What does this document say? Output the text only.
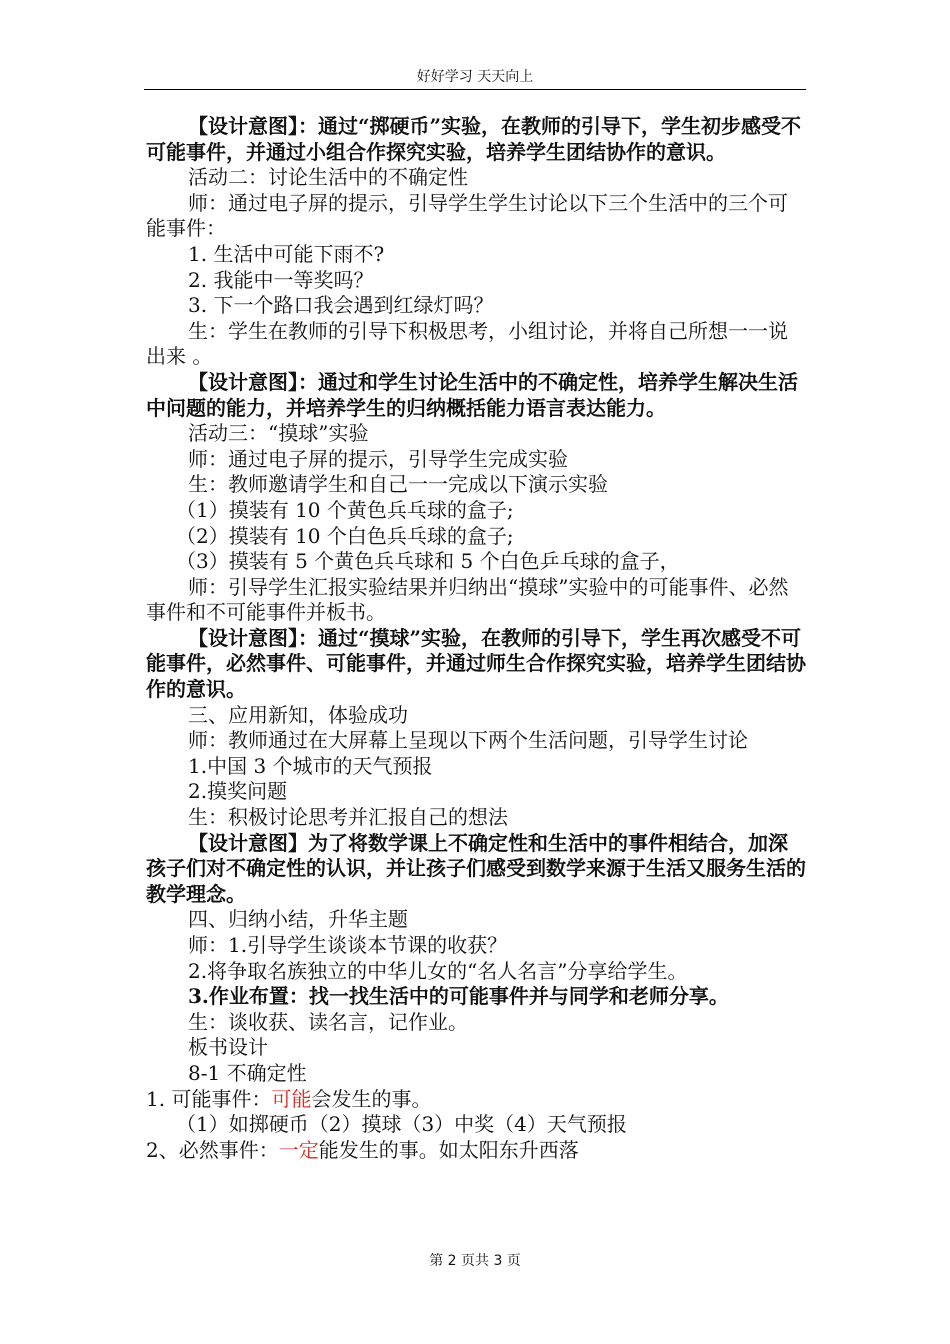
好好学习 天天向上

【设计意图】：通过“掷硬币”实验，在教师的引导下，学生初步感受不可能事件，并通过小组合作探究实验，培养学生团结协作的意识。

活动二：讨论生活中的不确定性

师：通过电子屏的提示，引导学生学生讨论以下三个生活中的三个可能事件：

1. 生活中可能下雨不?

2. 我能中一等奖吗？

3. 下一个路口我会遇到红绿灯吗？

生：学生在教师的引导下积极思考，小组讨论，并将自己所想一一说出来 。

【设计意图】：通过和学生讨论生活中的不确定性，培养学生解决生活中问题的能力，并培养学生的归纳概括能力语言表达能力。

活动三：“摸球”实验

师：通过电子屏的提示，引导学生完成实验

生：教师邀请学生和自己一一完成以下演示实验

（1）摸装有 10 个黄色兵乓球的盒子;

（2）摸装有 10 个白色兵乓球的盒子;

（3）摸装有 5 个黄色兵乓球和 5 个白色乒乓球的盒子，

师：引导学生汇报实验结果并归纳出“摸球”实验中的可能事件、必然事件和不可能事件并板书。

【设计意图】：通过“摸球”实验，在教师的引导下，学生再次感受不可能事件，必然事件、可能事件，并通过师生合作探究实验，培养学生团结协作的意识。

三、应用新知，体验成功

师：教师通过在大屏幕上呈现以下两个生活问题，引导学生讨论

1.中国 3 个城市的天气预报

2.摸奖问题

生：积极讨论思考并汇报自己的想法

【设计意图】为了将数学课上不确定性和生活中的事件相结合，加深孩子们对不确定性的认识，并让孩子们感受到数学来源于生活又服务生活的教学理念。

四、归纳小结，升华主题

师：1.引导学生谈谈本节课的收获？

2.将争取名族独立的中华儿女的“名人名言”分享给学生。

3.作业布置：找一找生活中的可能事件并与同学和老师分享。

生：谈收获、读名言，记作业。

板书设计

8-1 不确定性

1. 可能事件：可能会发生的事。

（1）如掷硬币（2）摸球（3）中奖（4）天气预报

2、必然事件：一定能发生的事。如太阳东升西落

第 2 页共 3 页
